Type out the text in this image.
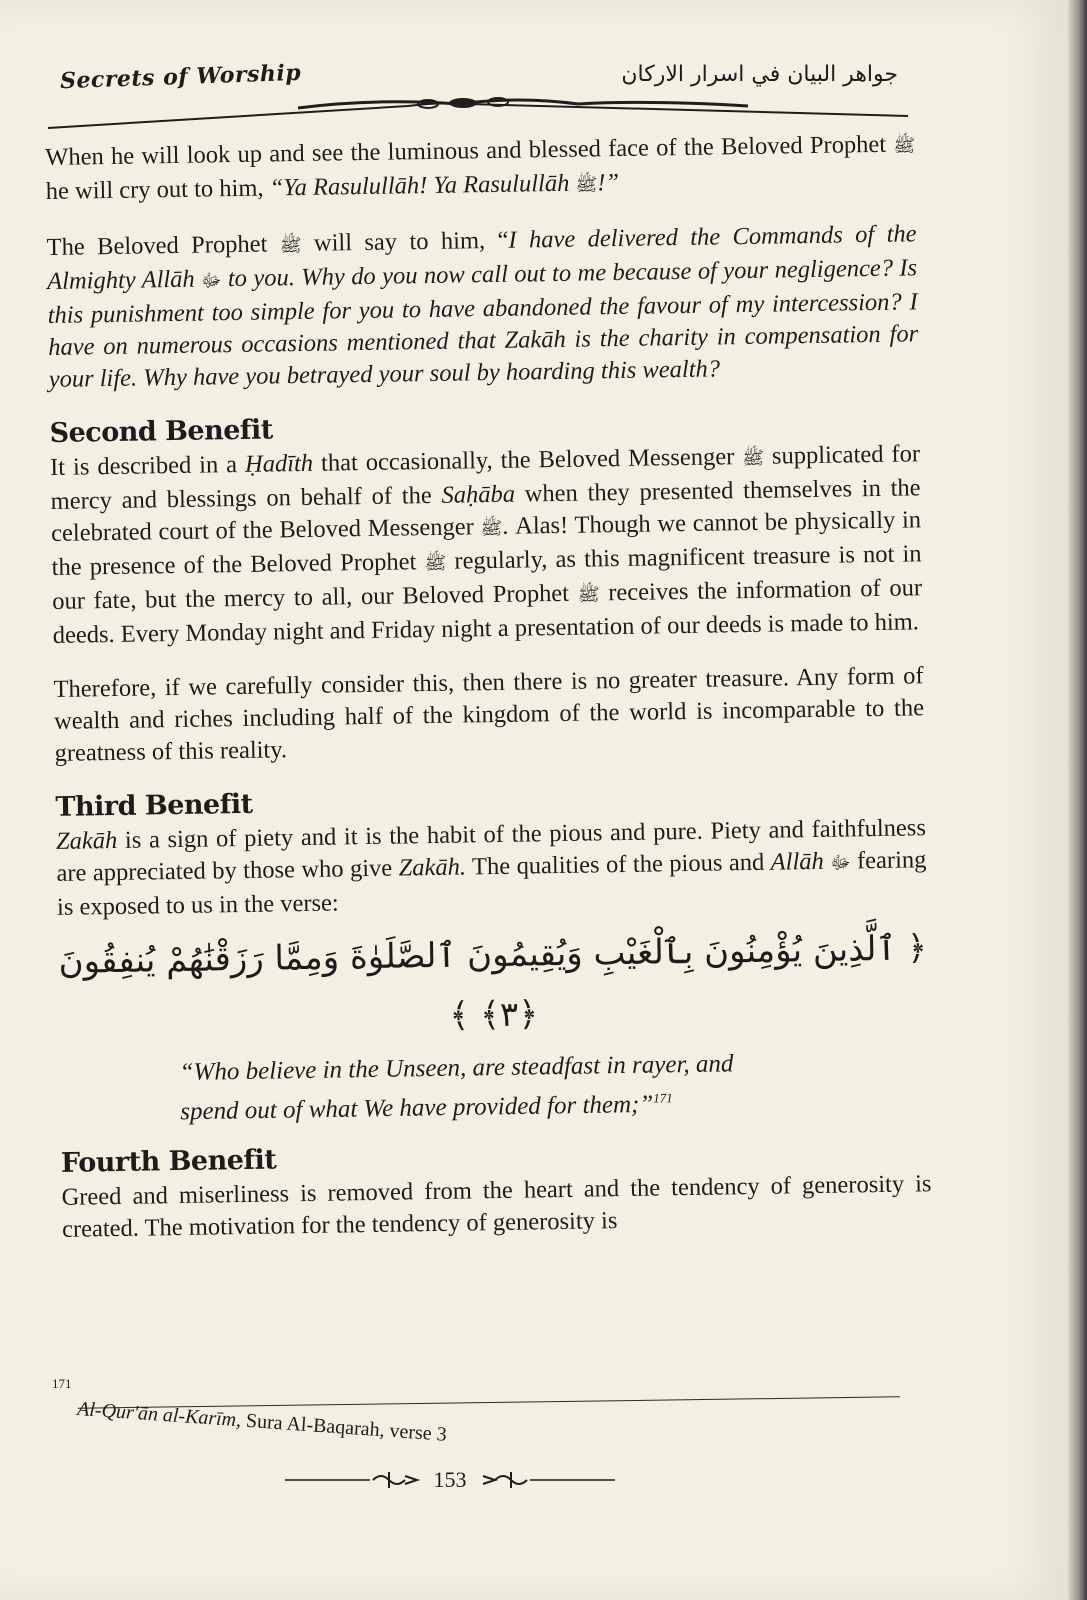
Secrets of Worship	جواهر البيان في اسرار الاركان

When he will look up and see the luminous and blessed face of the Beloved Prophet ﷺ he will cry out to him, “Ya Rasulullāh! Ya Rasulullāh ﷺ!”

The Beloved Prophet ﷺ will say to him, “I have delivered the Commands of the Almighty Allāh ﷻ to you. Why do you now call out to me because of your negligence? Is this punishment too simple for you to have abandoned the favour of my intercession? I have on numerous occasions mentioned that Zakāh is the charity in compensation for your life. Why have you betrayed your soul by hoarding this wealth?

Second Benefit

It is described in a Ḥadīth that occasionally, the Beloved Messenger ﷺ supplicated for mercy and blessings on behalf of the Saḥāba when they presented themselves in the celebrated court of the Beloved Messenger ﷺ. Alas! Though we cannot be physically in the presence of the Beloved Prophet ﷺ regularly, as this magnificent treasure is not in our fate, but the mercy to all, our Beloved Prophet ﷺ receives the information of our deeds. Every Monday night and Friday night a presentation of our deeds is made to him.

Therefore, if we carefully consider this, then there is no greater treasure. Any form of wealth and riches including half of the kingdom of the world is incomparable to the greatness of this reality.

Third Benefit

Zakāh is a sign of piety and it is the habit of the pious and pure. Piety and faithfulness are appreciated by those who give Zakāh. The qualities of the pious and Allāh ﷻ fearing is exposed to us in the verse:

﴿ ٱلَّذِينَ يُؤْمِنُونَ بِٱلْغَيْبِ وَيُقِيمُونَ ٱلصَّلَوٰةَ وَمِمَّا رَزَقْنَٰهُمْ يُنفِقُونَ ﴿٣﴾ ﴾
“Who believe in the Unseen, are steadfast in rayer, and spend out of what We have provided for them;”$^{171}$
Fourth Benefit

Greed and miserliness is removed from the heart and the tendency of generosity is created. The motivation for the tendency of generosity is

171
Al-Qur'ān al-Karīm, Sura Al-Baqarah, verse 3
153
